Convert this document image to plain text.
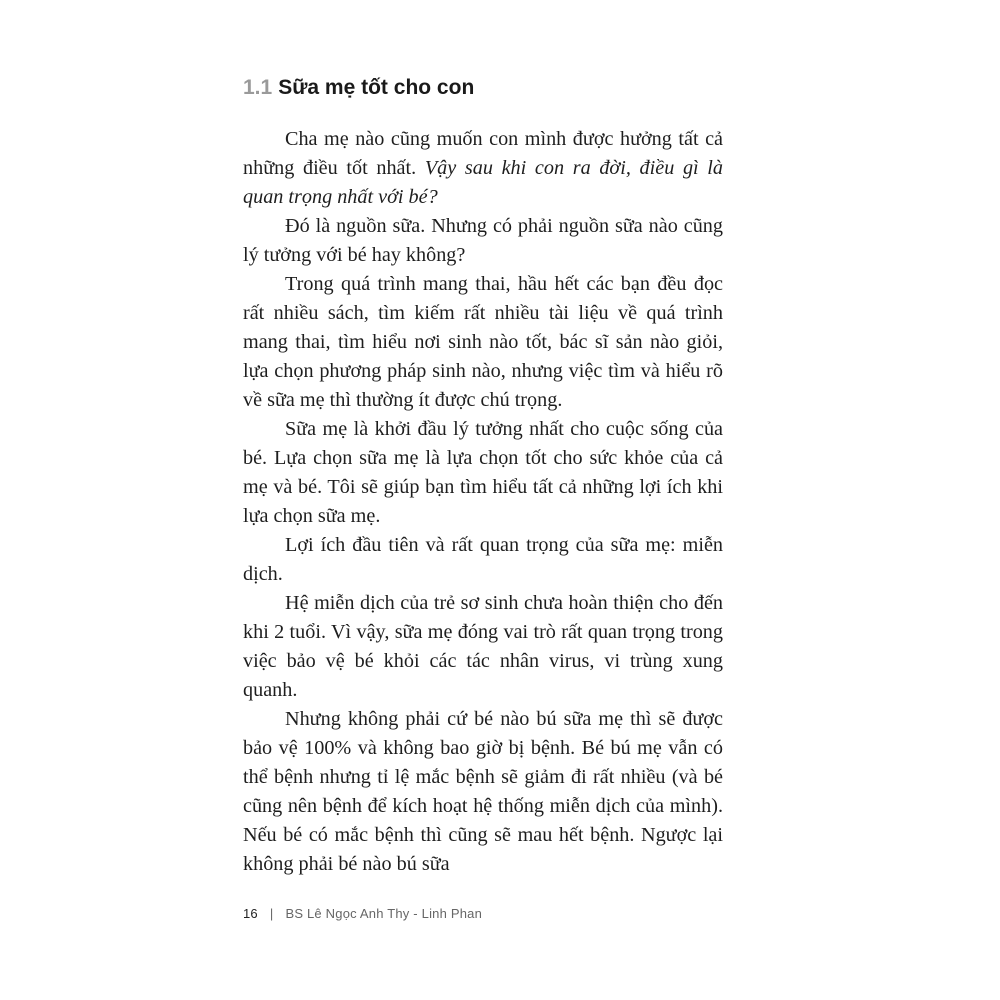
1.1 Sữa mẹ tốt cho con

Cha mẹ nào cũng muốn con mình được hưởng tất cả những điều tốt nhất. Vậy sau khi con ra đời, điều gì là quan trọng nhất với bé?

Đó là nguồn sữa. Nhưng có phải nguồn sữa nào cũng lý tưởng với bé hay không?

Trong quá trình mang thai, hầu hết các bạn đều đọc rất nhiều sách, tìm kiếm rất nhiều tài liệu về quá trình mang thai, tìm hiểu nơi sinh nào tốt, bác sĩ sản nào giỏi, lựa chọn phương pháp sinh nào, nhưng việc tìm và hiểu rõ về sữa mẹ thì thường ít được chú trọng.

Sữa mẹ là khởi đầu lý tưởng nhất cho cuộc sống của bé. Lựa chọn sữa mẹ là lựa chọn tốt cho sức khỏe của cả mẹ và bé. Tôi sẽ giúp bạn tìm hiểu tất cả những lợi ích khi lựa chọn sữa mẹ.

Lợi ích đầu tiên và rất quan trọng của sữa mẹ: miễn dịch.

Hệ miễn dịch của trẻ sơ sinh chưa hoàn thiện cho đến khi 2 tuổi. Vì vậy, sữa mẹ đóng vai trò rất quan trọng trong việc bảo vệ bé khỏi các tác nhân virus, vi trùng xung quanh.

Nhưng không phải cứ bé nào bú sữa mẹ thì sẽ được bảo vệ 100% và không bao giờ bị bệnh. Bé bú mẹ vẫn có thể bệnh nhưng tỉ lệ mắc bệnh sẽ giảm đi rất nhiều (và bé cũng nên bệnh để kích hoạt hệ thống miễn dịch của mình). Nếu bé có mắc bệnh thì cũng sẽ mau hết bệnh. Ngược lại không phải bé nào bú sữa

16 | BS Lê Ngọc Anh Thy - Linh Phan
